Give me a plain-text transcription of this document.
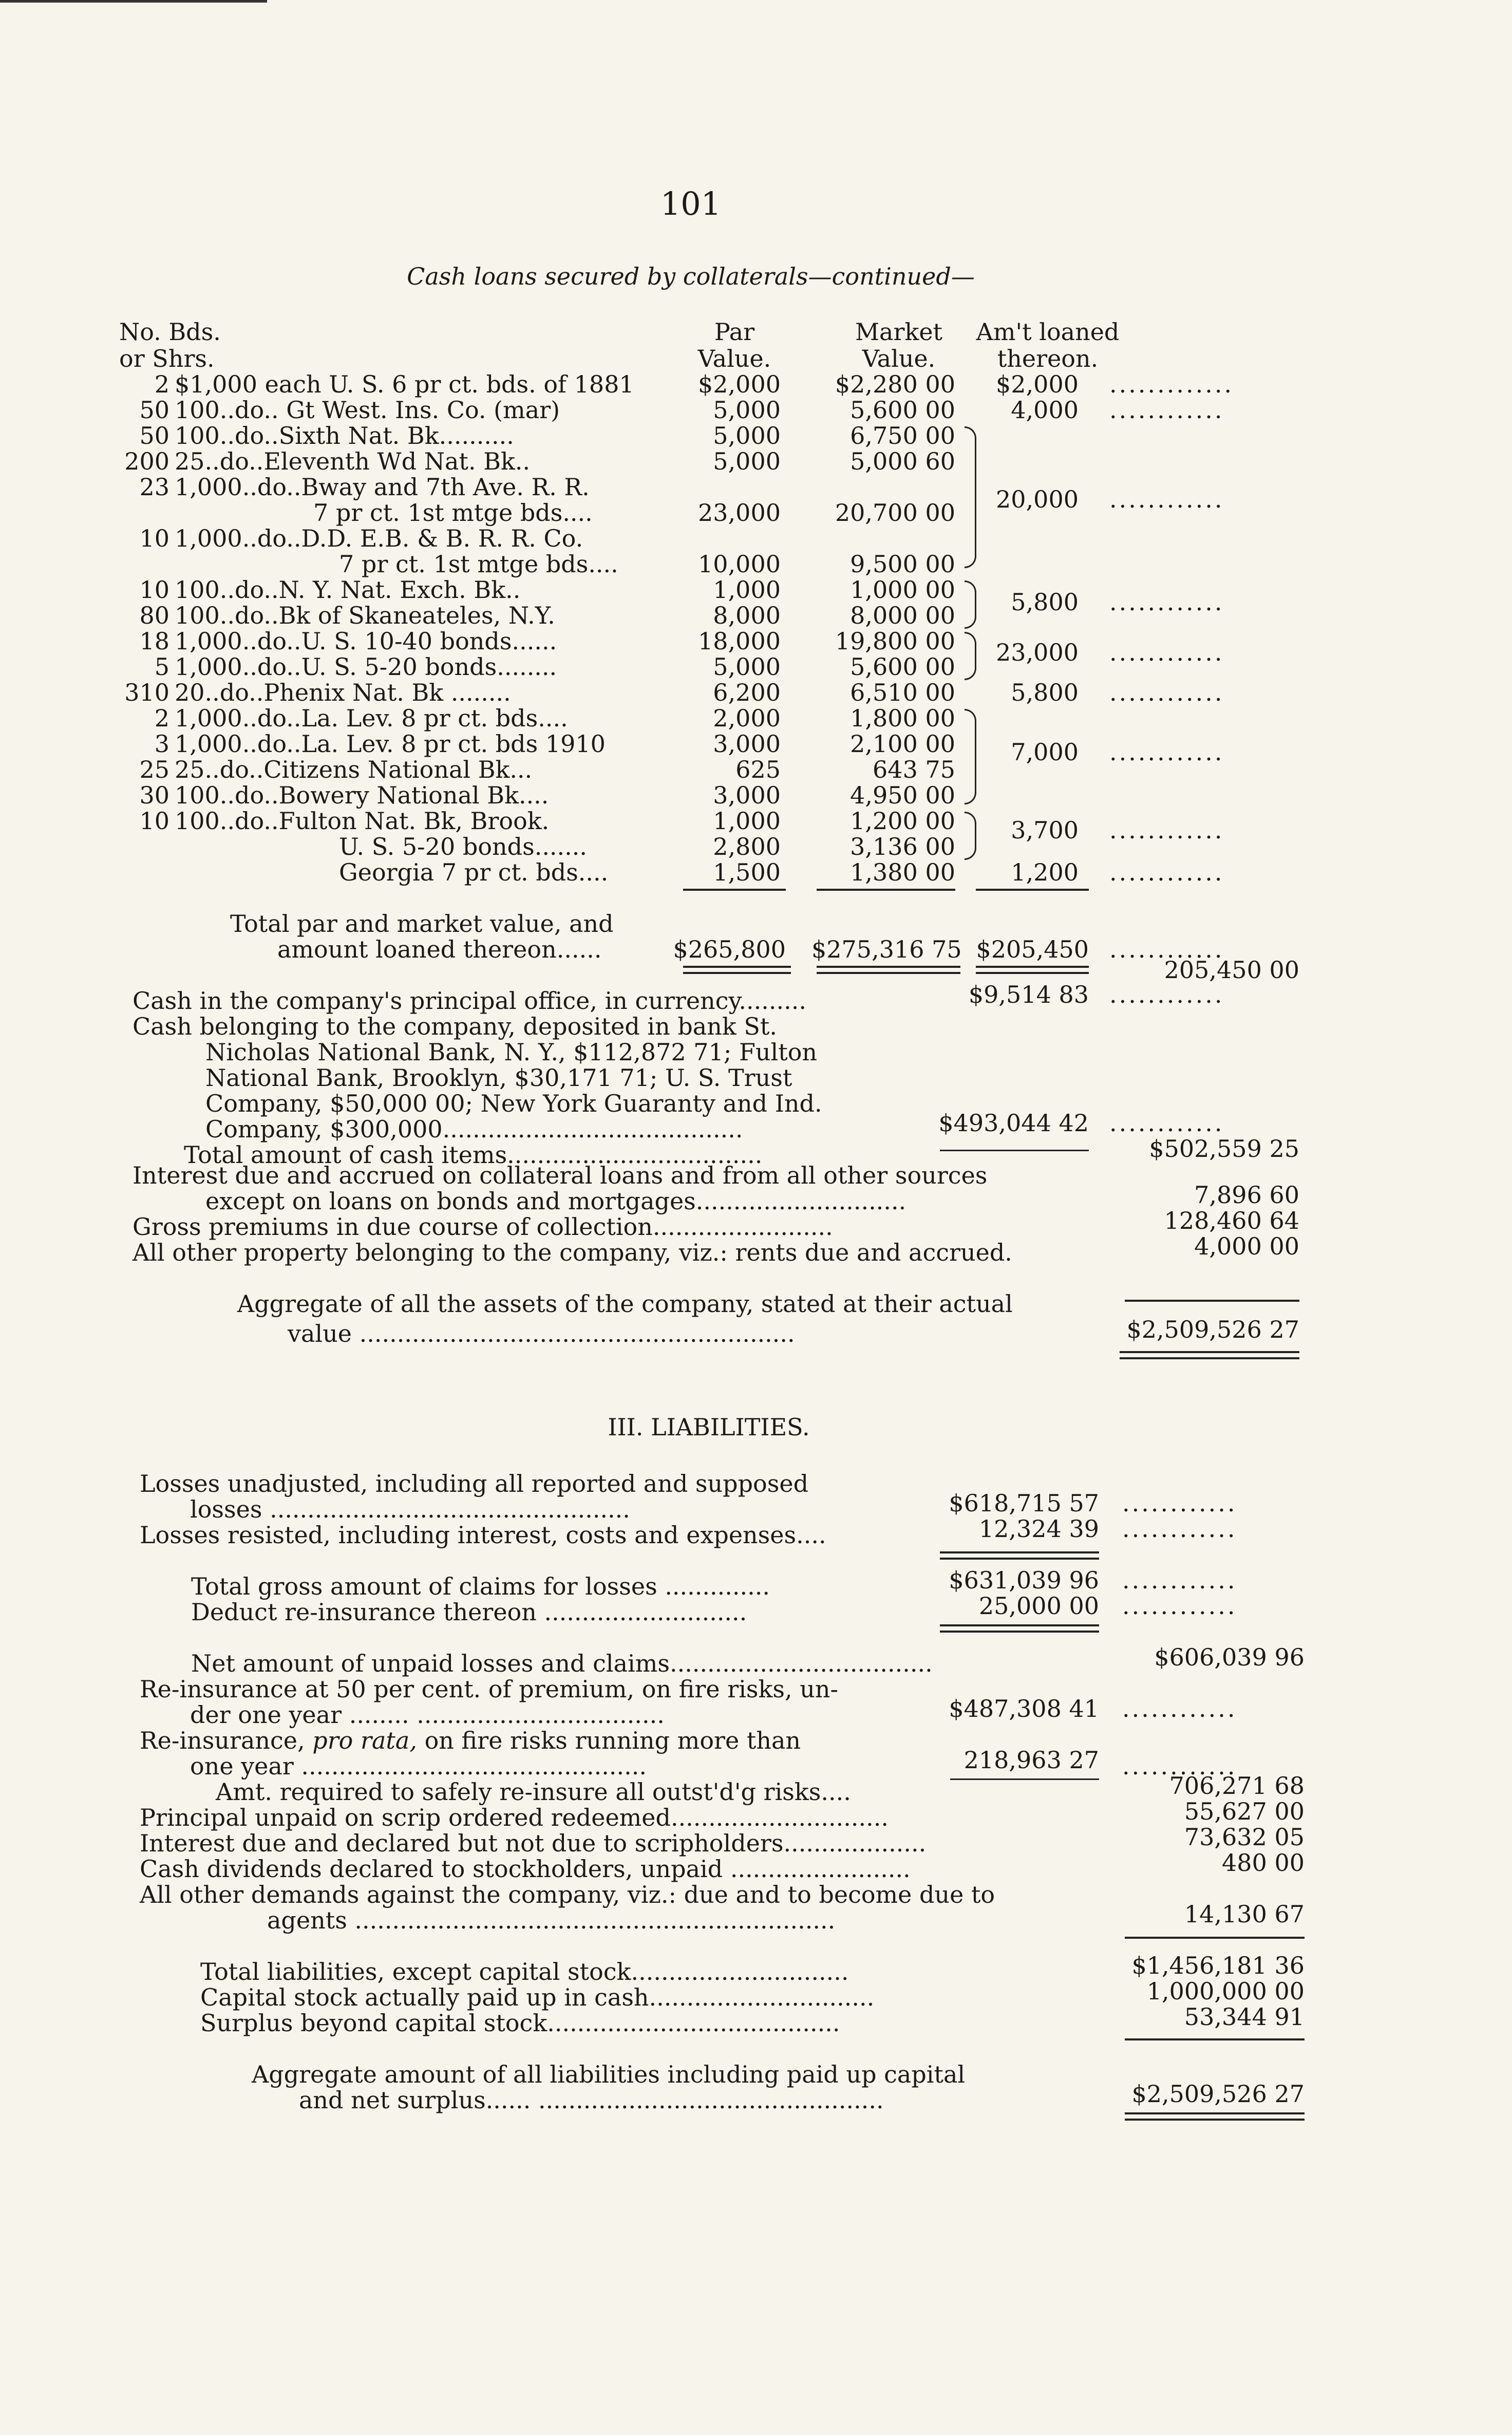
101
Cash loans secured by collaterals—continued—
No. Bds.
or Shrs.
Par
Value.
Market
Value.
Am't loaned
thereon.
2 $1,000 each U. S. 6 pr ct. bds. of 1881	$2,000	$2,280 00	$2,000 .............
50 100..do.. Gt West. Ins. Co. (mar)	5,000	5,600 00	4,000 ............
50 100..do..Sixth Nat. Bk..........	5,000	6,750 00
200 25..do..Eleventh Wd Nat. Bk..	5,000	5,000 60
23 1,000..do..Bway and 7th Ave. R. R.	20,000 ............
7 pr ct. 1st mtge bds....	23,000	20,700 00
10 1,000..do..D.D. E.B. & B. R. R. Co.
7 pr ct. 1st mtge bds....	10,000	9,500 00
10 100..do..N. Y. Nat. Exch. Bk..	1,000	1,000 00	5,800 ............
80 100..do..Bk of Skaneateles, N.Y.	8,000	8,000 00
18 1,000..do..U. S. 10-40 bonds......	18,000	19,800 00	23,000 ............
5 1,000..do..U. S. 5-20 bonds........	5,000	5,600 00
310 20..do..Phenix Nat. Bk ........	6,200	6,510 00	5,800 ............
2 1,000..do..La. Lev. 8 pr ct. bds....	2,000	1,800 00
3 1,000..do..La. Lev. 8 pr ct. bds 1910	3,000	2,100 00	7,000 ............
25 25..do..Citizens National Bk...	625	643 75
30 100..do..Bowery National Bk....	3,000	4,950 00
10 100..do..Fulton Nat. Bk, Brook.	1,000	1,200 00	3,700 ............
U. S. 5-20 bonds.......	2,800	3,136 00
Georgia 7 pr ct. bds....	1,500	1,380 00	1,200 ............
Total par and market value, and
amount loaned thereon......	$265,800 $275,316 75 $205,450 ............
205,450 00
Cash in the company's principal office, in currency.........	$9,514 83 ............
Cash belonging to the company, deposited in bank St.
Nicholas National Bank, N. Y., $112,872 71; Fulton
National Bank, Brooklyn, $30,171 71; U. S. Trust
Company, $50,000 00; New York Guaranty and Ind.
Company, $300,000........................................	$493,044 42 ............
Total amount of cash items..................................	$502,559 25
Interest due and accrued on collateral loans and from all other sources
except on loans on bonds and mortgages............................	7,896 60
Gross premiums in due course of collection........................	128,460 64
All other property belonging to the company, viz.: rents due and accrued.	4,000 00
Aggregate of all the assets of the company, stated at their actual
value ..........................................................	$2,509,526 27
III. LIABILITIES.
Losses unadjusted, including all reported and supposed
losses ................................................	$618,715 57 ............
Losses resisted, including interest, costs and expenses....	12,324 39 ............
Total gross amount of claims for losses ..............	$631,039 96 ............
Deduct re-insurance thereon ...........................	25,000 00 ............
Net amount of unpaid losses and claims...................................	$606,039 96
Re-insurance at 50 per cent. of premium, on fire risks, un-
der one year ........ .................................	$487,308 41 ............
Re-insurance, pro rata, on fire risks running more than
one year ..............................................	218,963 27 ............
Amt. required to safely re-insure all outst'd'g risks....	706,271 68
Principal unpaid on scrip ordered redeemed.............................	55,627 00
Interest due and declared but not due to scripholders...................	73,632 05
Cash dividends declared to stockholders, unpaid ........................	480 00
All other demands against the company, viz.: due and to become due to
agents ................................................................	14,130 67
Total liabilities, except capital stock.............................	$1,456,181 36
Capital stock actually paid up in cash..............................	1,000,000 00
Surplus beyond capital stock.......................................	53,344 91
Aggregate amount of all liabilities including paid up capital
and net surplus...... ..............................................	$2,509,526 27
